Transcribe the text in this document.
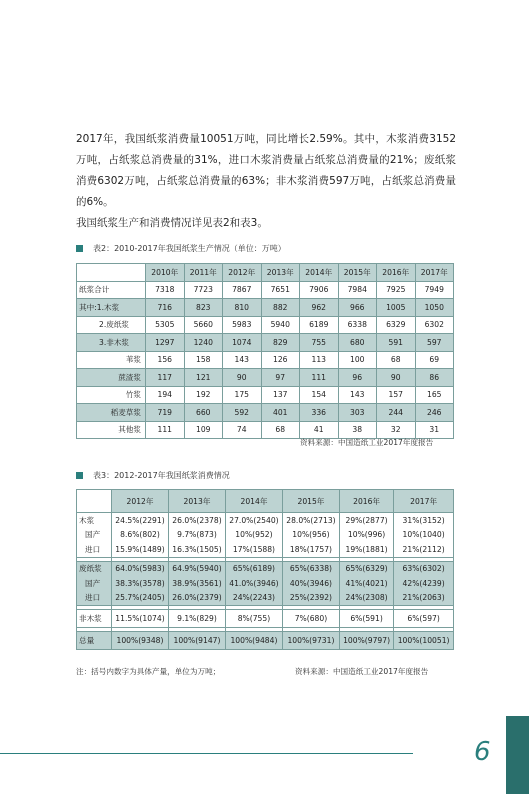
2017年，我国纸浆消费量10051万吨，同比增长2.59%。其中，木浆消费3152万吨，占纸浆总消费量的31%，进口木浆消费量占纸浆总消费量的21%；废纸浆消费6302万吨，占纸浆总消费量的63%；非木浆消费597万吨，占纸浆总消费量的6%。

我国纸浆生产和消费情况详见表2和表3。

表2：2010-2017年我国纸浆生产情况（单位：万吨）
	2010年	2011年	2012年	2013年	2014年	2015年	2016年	2017年
纸浆合计	7318	7723	7867	7651	7906	7984	7925	7949
其中:1.木浆	716	823	810	882	962	966	1005	1050
2.废纸浆	5305	5660	5983	5940	6189	6338	6329	6302
3.非木浆	1297	1240	1074	829	755	680	591	597
苇浆	156	158	143	126	113	100	68	69
蔗渣浆	117	121	90	97	111	96	90	86
竹浆	194	192	175	137	154	143	157	165
稻麦草浆	719	660	592	401	336	303	244	246
其他浆	111	109	74	68	41	38	32	31
资料来源：中国造纸工业2017年度报告
表3：2012-2017年我国纸浆消费情况
	2012年	2013年	2014年	2015年	2016年	2017年
木浆	24.5%(2291)	26.0%(2378)	27.0%(2540)	28.0%(2713)	29%(2877)	31%(3152)
国产	8.6%(802)	9.7%(873)	10%(952)	10%(956)	10%(996)	10%(1040)
进口	15.9%(1489)	16.3%(1505)	17%(1588)	18%(1757)	19%(1881)	21%(2112)

废纸浆	64.0%(5983)	64.9%(5940)	65%(6189)	65%(6338)	65%(6329)	63%(6302)
国产	38.3%(3578)	38.9%(3561)	41.0%(3946)	40%(3946)	41%(4021)	42%(4239)
进口	25.7%(2405)	26.0%(2379)	24%(2243)	25%(2392)	24%(2308)	21%(2063)

非木浆	11.5%(1074)	9.1%(829)	8%(755)	7%(680)	6%(591)	6%(597)

总量	100%(9348)	100%(9147)	100%(9484)	100%(9731)	100%(9797)	100%(10051)
注：括号内数字为具体产量，单位为万吨；	资料来源：中国造纸工业2017年度报告
6
